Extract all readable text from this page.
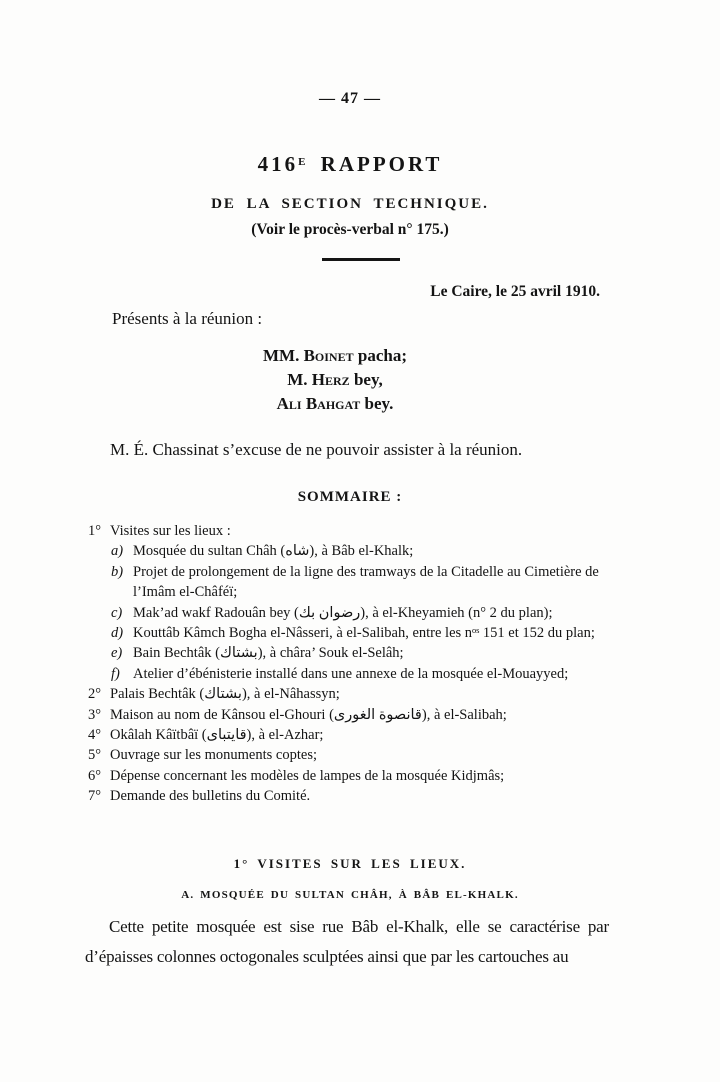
— 47 —
$416^E$ RAPPORT
DE LA SECTION TECHNIQUE.
(Voir le procès-verbal n° 175.)
Le Caire, le 25 avril 1910.
Présents à la réunion :
MM. Boinet pacha;
M. Herz bey,
Ali Bahgat bey.
M. É. Chassinat s’excuse de ne pouvoir assister à la réunion.
SOMMAIRE :
1° Visites sur les lieux :
a) Mosquée du sultan Châh (شاه), à Bâb el-Khalk;
b) Projet de prolongement de la ligne des tramways de la Citadelle au Cimetière de l’Imâm el-Châféï;
c) Mak’ad wakf Radouân bey (رضوان بك), à el-Kheyamieh (n° 2 du plan);
d) Kouttâb Kâmch Bogha el-Nâsseri, à el-Salibah, entre les nᵒˢ 151 et 152 du plan;
e) Bain Bechtâk (بشتاك), à châra’ Souk el-Selâh;
f) Atelier d’ébénisterie installé dans une annexe de la mosquée el-Mouayyed;
2° Palais Bechtâk (بشتاك), à el-Nâhassyn;
3° Maison au nom de Kânsou el-Ghouri (قانصوة الغورى), à el-Salibah;
4° Okâlah Kâïtbâï (قايتباى), à el-Azhar;
5° Ouvrage sur les monuments coptes;
6° Dépense concernant les modèles de lampes de la mosquée Kidjmâs;
7° Demande des bulletins du Comité.
1° VISITES SUR LES LIEUX.
A. MOSQUÉE DU SULTAN CHÂH, À BÂB EL-KHALK.
Cette petite mosquée est sise rue Bâb el-Khalk, elle se caractérise par d’épaisses colonnes octogonales sculptées ainsi que par les cartouches au
